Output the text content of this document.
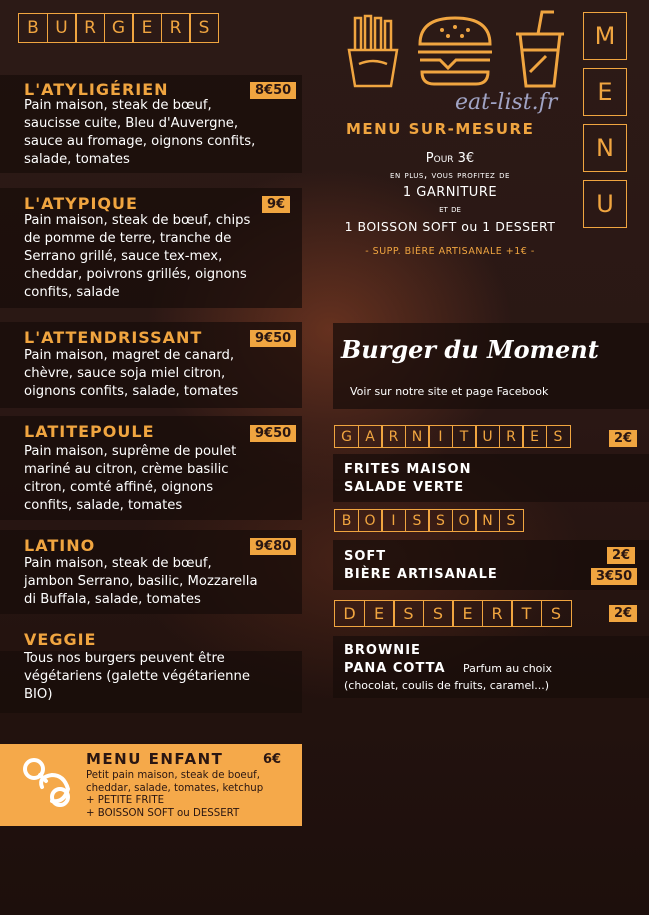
B U R G E	R	S	M
E
N
U
eat-list.fr
L'ATYLIGÉRIEN	8€50
Pain maison, steak de bœuf,
saucisse cuite, Bleu d'Auvergne,
sauce au fromage, oignons confits,
salade, tomates
L'ATYPIQUE	9€
Pain maison, steak de bœuf, chips
de pomme de terre, tranche de
Serrano grillé, sauce tex-mex,
cheddar, poivrons grillés, oignons
confits, salade
L'ATTENDRISSANT	9€50
Pain maison, magret de canard,
chèvre, sauce soja miel citron,
oignons confits, salade, tomates
LATITEPOULE	9€50
Pain maison, suprême de poulet
mariné au citron, crème basilic
citron, comté affiné, oignons
confits, salade, tomates
LATINO	9€80
Pain maison, steak de bœuf,
jambon Serrano, basilic, Mozzarella
di Buffala, salade, tomates
VEGGIE
Tous nos burgers peuvent être
végétariens (galette végétarienne
BIO)
MENU ENFANT	6€
Petit pain maison, steak de boeuf,
cheddar, salade, tomates, ketchup
+ PETITE FRITE
+ BOISSON SOFT ou DESSERT
MENU SUR-MESURE
Pour 3€
en plus, vous profitez de
1 GARNITURE
et de
1 BOISSON SOFT ou 1 DESSERT
- SUPP. BIÈRE ARTISANALE +1€ -
Burger du Moment
Voir sur notre site et page Facebook
G A R N	I	T	U R	E	S	2€
FRITES MAISON
SALADE VERTE
B O	I	S	S O N S
SOFT	2€
BIÈRE ARTISANALE	3€50
D	E	S	S	E	R	T	S	2€
BROWNIE
PANA COTTA Parfum au choix
(chocolat, coulis de fruits, caramel...)
